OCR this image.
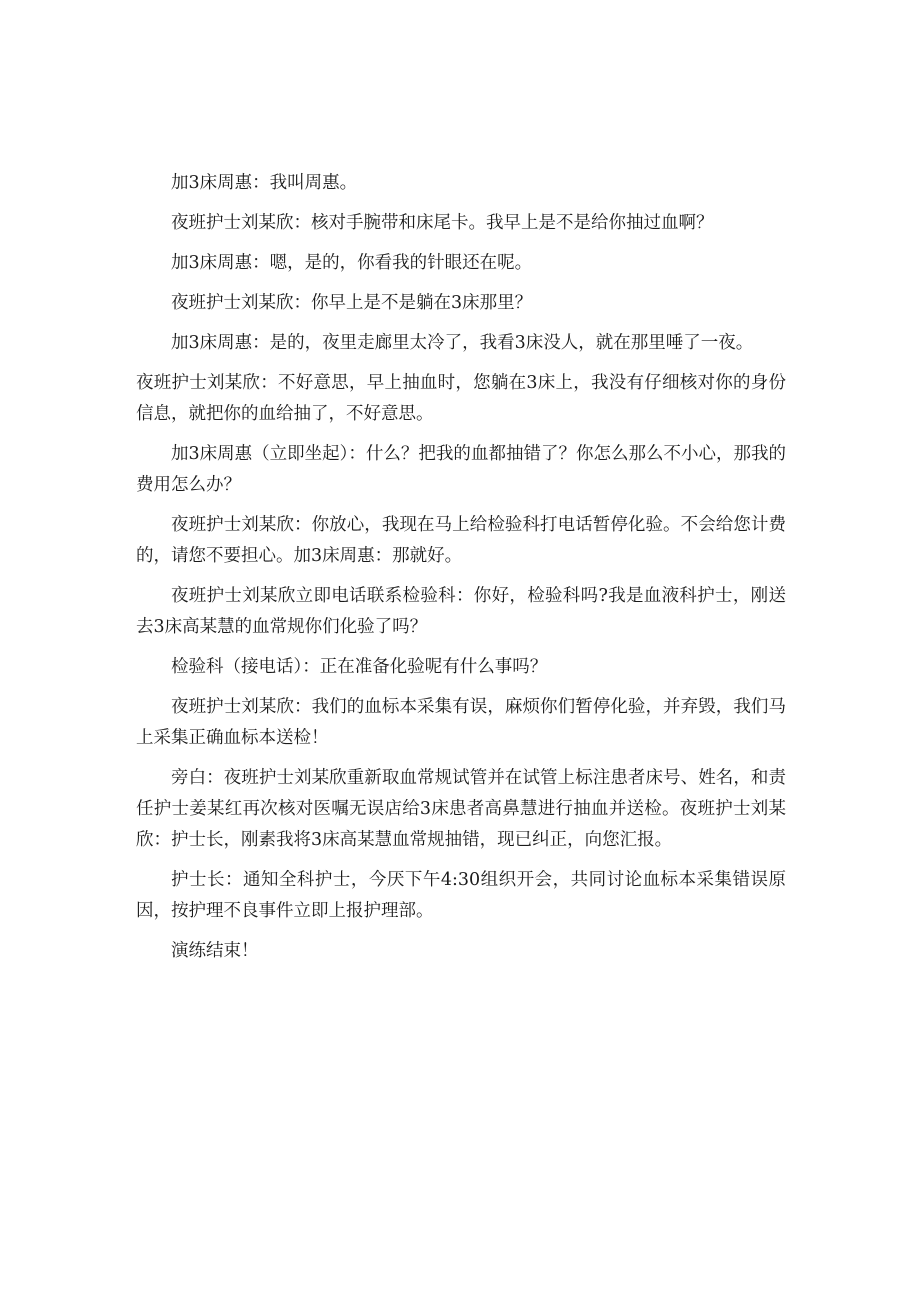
加3床周惠：我叫周惠。

夜班护士刘某欣：核对手腕带和床尾卡。我早上是不是给你抽过血啊？

加3床周惠：嗯，是的，你看我的针眼还在呢。

夜班护士刘某欣：你早上是不是躺在3床那里？

加3床周惠：是的，夜里走廊里太冷了，我看3床没人，就在那里唾了一夜。

夜班护士刘某欣：不好意思，早上抽血时，您躺在3床上，我没有仔细核对你的身份信息，就把你的血给抽了，不好意思。

加3床周惠（立即坐起）：什么？把我的血都抽错了？你怎么那么不小心，那我的费用怎么办？

夜班护士刘某欣：你放心，我现在马上给检验科打电话暂停化验。不会给您计费的，请您不要担心。加3床周惠：那就好。

夜班护士刘某欣立即电话联系检验科：你好，检验科吗?我是血液科护士，刚送去3床高某慧的血常规你们化验了吗？

检验科（接电话）：正在准备化验呢有什么事吗？

夜班护士刘某欣：我们的血标本采集有误，麻烦你们暂停化验，并弃毁，我们马上采集正确血标本送检！

旁白：夜班护士刘某欣重新取血常规试管并在试管上标注患者床号、姓名，和责任护士姜某红再次核对医嘱无误店给3床患者高鼻慧进行抽血并送检。夜班护士刘某欣：护士长，刚素我将3床高某慧血常规抽错，现已纠正，向您汇报。

护士长：通知全科护士，今厌下午4:30组织开会，共同讨论血标本采集错误原因，按护理不良事件立即上报护理部。

演练结束！
